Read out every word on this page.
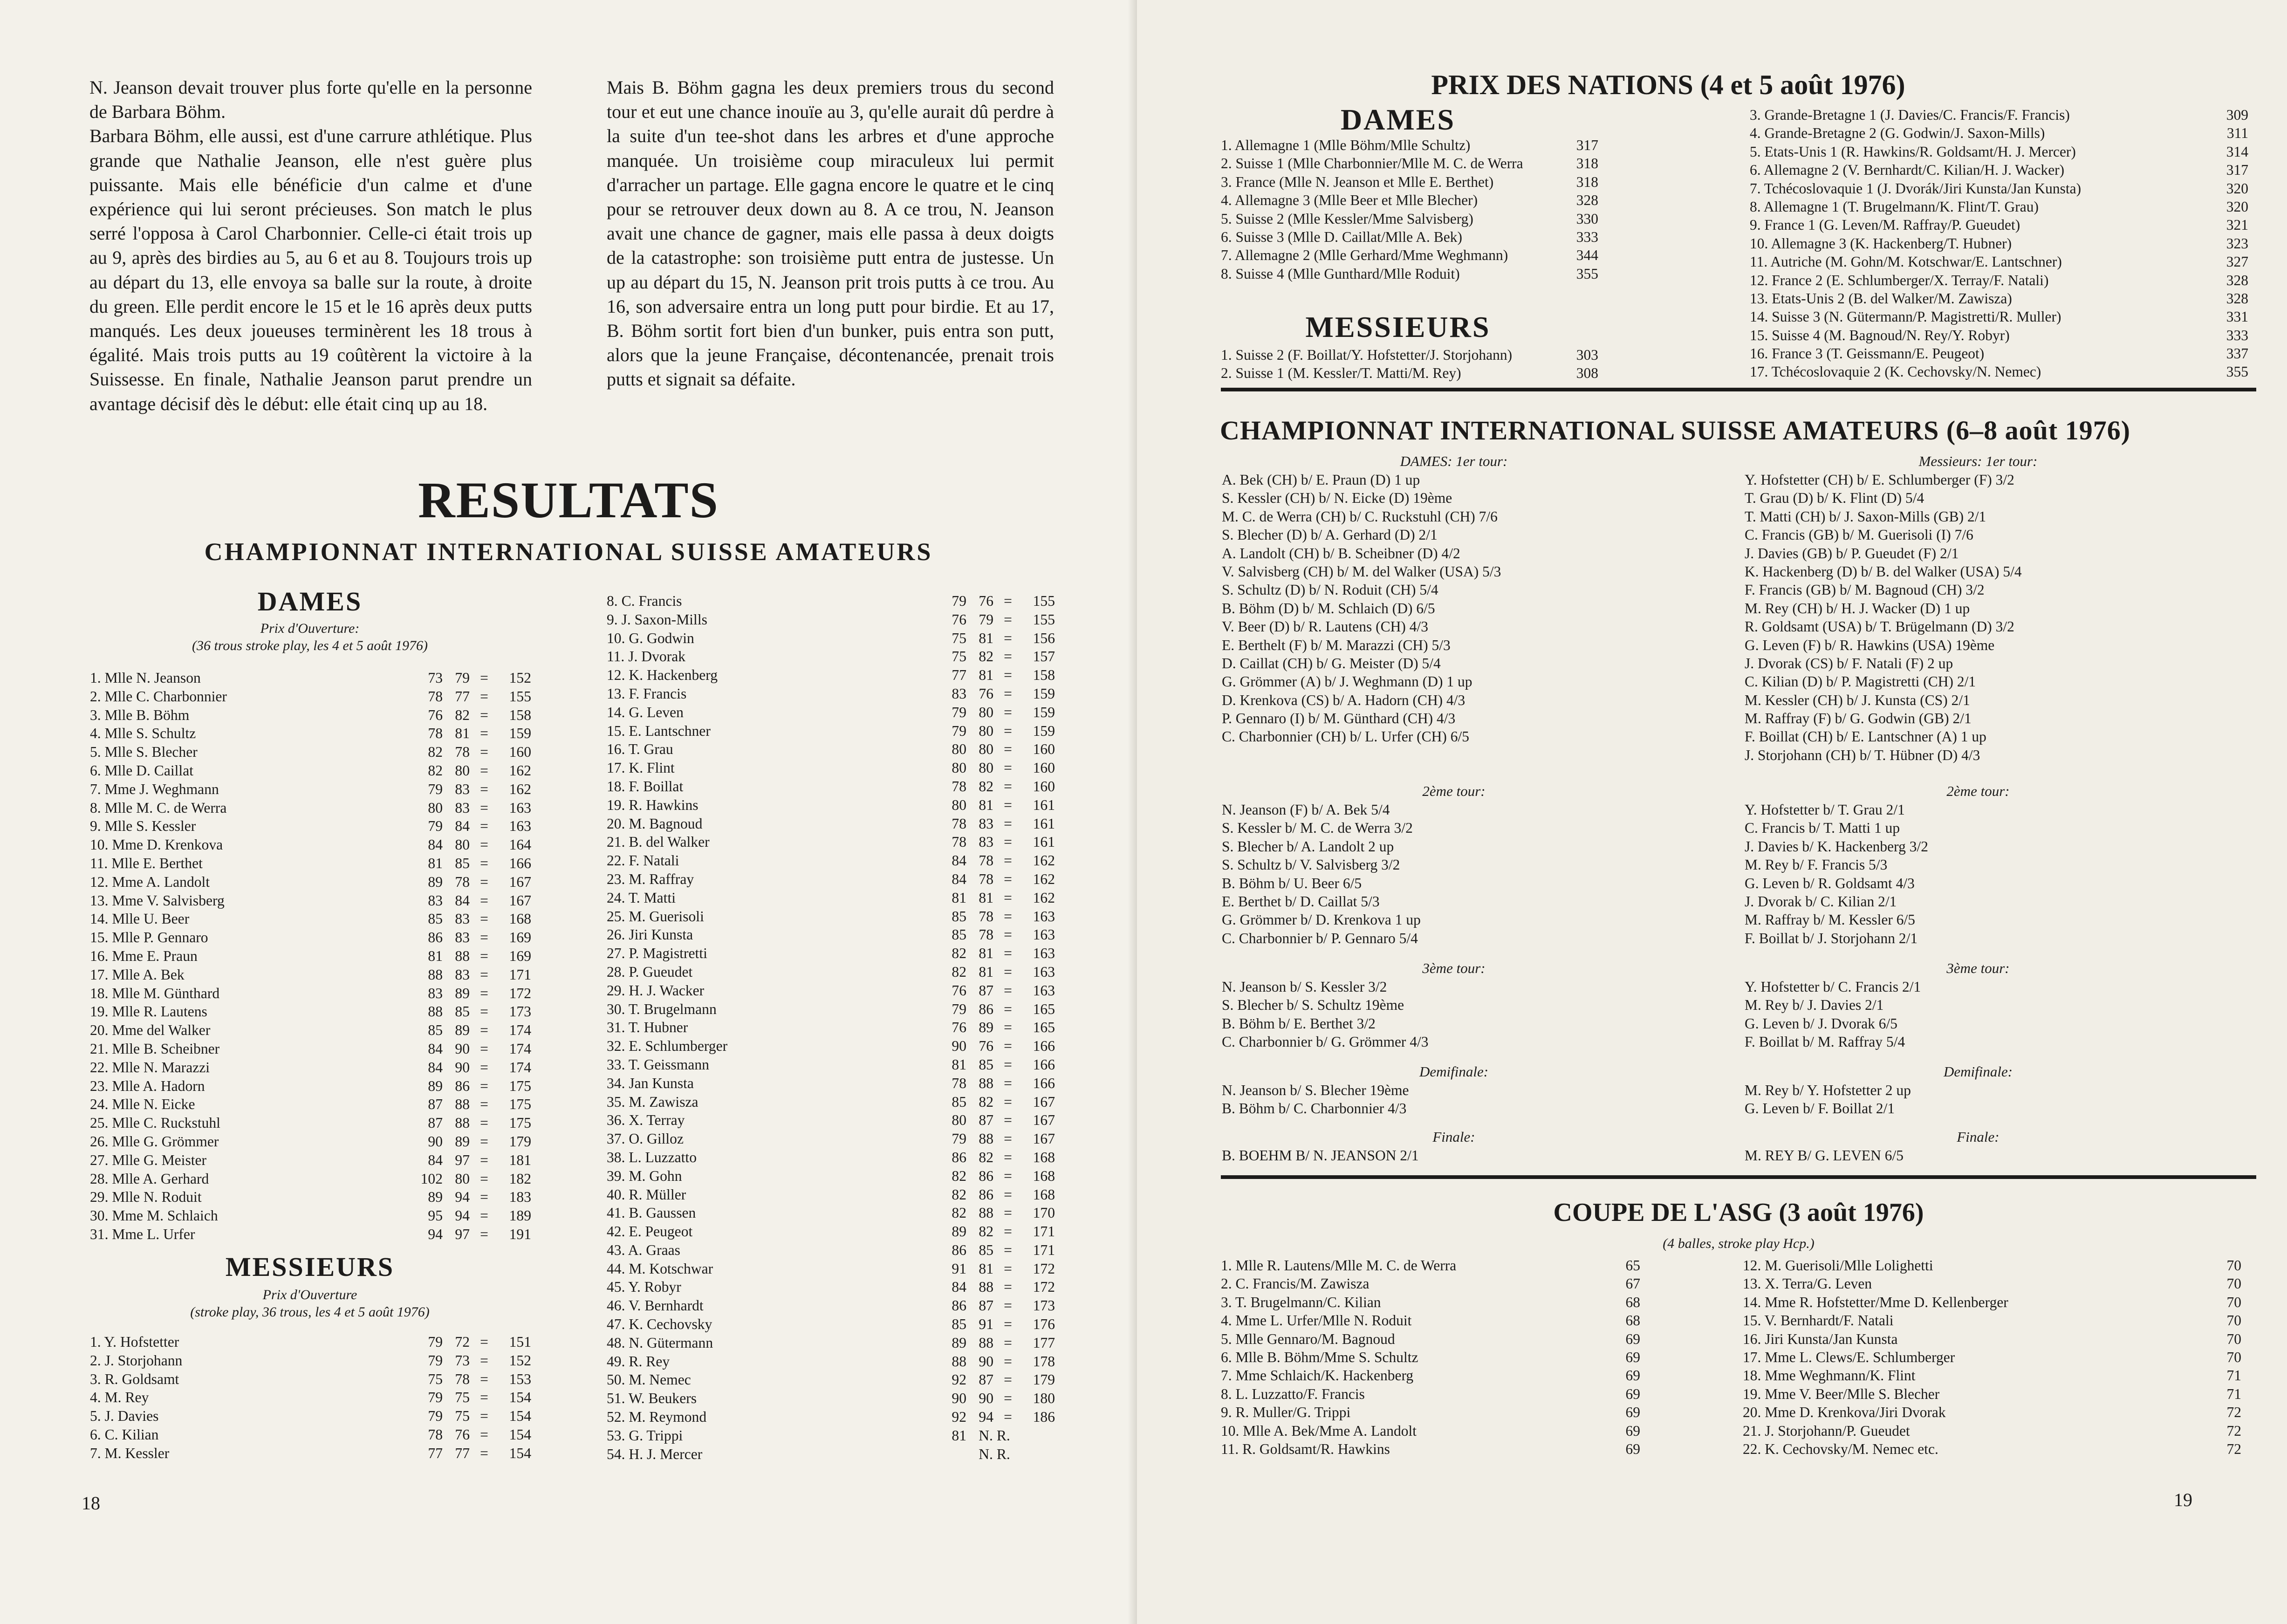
N. Jeanson devait trouver plus forte qu'elle en la personne de Barbara Böhm.
Barbara Böhm, elle aussi, est d'une carrure athlétique. Plus grande que Nathalie Jeanson, elle n'est guère plus puissante. Mais elle bénéficie d'un calme et d'une expérience qui lui seront précieuses. Son match le plus serré l'opposa à Carol Charbonnier. Celle-ci était trois up au 9, après des birdies au 5, au 6 et au 8. Toujours trois up au départ du 13, elle envoya sa balle sur la route, à droite du green. Elle perdit encore le 15 et le 16 après deux putts manqués. Les deux joueuses terminèrent les 18 trous à égalité. Mais trois putts au 19 coûtèrent la victoire à la Suissesse. En finale, Nathalie Jeanson parut prendre un avantage décisif dès le début: elle était cinq up au 18.
Mais B. Böhm gagna les deux premiers trous du second tour et eut une chance inouïe au 3, qu'elle aurait dû perdre à la suite d'un tee-shot dans les arbres et d'une approche manquée. Un troisième coup miraculeux lui permit d'arracher un partage. Elle gagna encore le quatre et le cinq pour se retrouver deux down au 8. A ce trou, N. Jeanson avait une chance de gagner, mais elle passa à deux doigts de la catastrophe: son troisième putt entra de justesse. Un up au départ du 15, N. Jeanson prit trois putts à ce trou. Au 16, son adversaire entra un long putt pour birdie. Et au 17, B. Böhm sortit fort bien d'un bunker, puis entra son putt, alors que la jeune Française, décontenancée, prenait trois putts et signait sa défaite.
RESULTATS
CHAMPIONNAT INTERNATIONAL SUISSE AMATEURS
DAMES
Prix d'Ouverture:
(36 trous stroke play, les 4 et 5 août 1976)
1. Mlle N. Jeanson	73 79 =	152
2. Mlle C. Charbonnier	78 77 =	155
3. Mlle B. Böhm	76 82 =	158
4. Mlle S. Schultz	78 81 =	159
5. Mlle S. Blecher	82 78 =	160
6. Mlle D. Caillat	82 80 =	162
7. Mme J. Weghmann	79 83 =	162
8. Mlle M. C. de Werra	80 83 =	163
9. Mlle S. Kessler	79 84 =	163
10. Mme D. Krenkova	84 80 =	164
11. Mlle E. Berthet	81 85 =	166
12. Mme A. Landolt	89 78 =	167
13. Mme V. Salvisberg	83 84 =	167
14. Mlle U. Beer	85 83 =	168
15. Mlle P. Gennaro	86 83 =	169
16. Mme E. Praun	81 88 =	169
17. Mlle A. Bek	88 83 =	171
18. Mlle M. Günthard	83 89 =	172
19. Mlle R. Lautens	88 85 =	173
20. Mme del Walker	85 89 =	174
21. Mlle B. Scheibner	84 90 =	174
22. Mlle N. Marazzi	84 90 =	174
23. Mlle A. Hadorn	89 86 =	175
24. Mlle N. Eicke	87 88 =	175
25. Mlle C. Ruckstuhl	87 88 =	175
26. Mlle G. Grömmer	90 89 =	179
27. Mlle G. Meister	84 97 =	181
28. Mlle A. Gerhard	102 80 =	182
29. Mlle N. Roduit	89 94 =	183
30. Mme M. Schlaich	95 94 =	189
31. Mme L. Urfer	94 97 =	191
MESSIEURS
Prix d'Ouverture
(stroke play, 36 trous, les 4 et 5 août 1976)
1. Y. Hofstetter	79 72 =	151
2. J. Storjohann	79 73 =	152
3. R. Goldsamt	75 78 =	153
4. M. Rey	79 75 =	154
5. J. Davies	79 75 =	154
6. C. Kilian	78 76 =	154
7. M. Kessler	77 77 =	154
8. C. Francis	79 76 =	155
9. J. Saxon-Mills	76 79 =	155
10. G. Godwin	75 81 =	156
11. J. Dvorak	75 82 =	157
12. K. Hackenberg	77 81 =	158
13. F. Francis	83 76 =	159
14. G. Leven	79 80 =	159
15. E. Lantschner	79 80 =	159
16. T. Grau	80 80 =	160
17. K. Flint	80 80 =	160
18. F. Boillat	78 82 =	160
19. R. Hawkins	80 81 =	161
20. M. Bagnoud	78 83 =	161
21. B. del Walker	78 83 =	161
22. F. Natali	84 78 =	162
23. M. Raffray	84 78 =	162
24. T. Matti	81 81 =	162
25. M. Guerisoli	85 78 =	163
26. Jiri Kunsta	85 78 =	163
27. P. Magistretti	82 81 =	163
28. P. Gueudet	82 81 =	163
29. H. J. Wacker	76 87 =	163
30. T. Brugelmann	79 86 =	165
31. T. Hubner	76 89 =	165
32. E. Schlumberger	90 76 =	166
33. T. Geissmann	81 85 =	166
34. Jan Kunsta	78 88 =	166
35. M. Zawisza	85 82 =	167
36. X. Terray	80 87 =	167
37. O. Gilloz	79 88 =	167
38. L. Luzzatto	86 82 =	168
39. M. Gohn	82 86 =	168
40. R. Müller	82 86 =	168
41. B. Gaussen	82 88 =	170
42. E. Peugeot	89 82 =	171
43. A. Graas	86 85 =	171
44. M. Kotschwar	91 81 =	172
45. Y. Robyr	84 88 =	172
46. V. Bernhardt	86 87 =	173
47. K. Cechovsky	85 91 =	176
48. N. Gütermann	89 88 =	177
49. R. Rey	88 90 =	178
50. M. Nemec	92 87 =	179
51. W. Beukers	90 90 =	180
52. M. Reymond	92 94 =	186
53. G. Trippi	81 N. R.
54. H. J. Mercer	N. R.
18

PRIX DES NATIONS (4 et 5 août 1976)
DAMES
1. Allemagne 1 (Mlle Böhm/Mlle Schultz)	317
2. Suisse 1 (Mlle Charbonnier/Mlle M. C. de Werra	318
3. France (Mlle N. Jeanson et Mlle E. Berthet)	318
4. Allemagne 3 (Mlle Beer et Mlle Blecher)	328
5. Suisse 2 (Mlle Kessler/Mme Salvisberg)	330
6. Suisse 3 (Mlle D. Caillat/Mlle A. Bek)	333
7. Allemagne 2 (Mlle Gerhard/Mme Weghmann)	344
8. Suisse 4 (Mlle Gunthard/Mlle Roduit)	355
MESSIEURS
1. Suisse 2 (F. Boillat/Y. Hofstetter/J. Storjohann)	303
2. Suisse 1 (M. Kessler/T. Matti/M. Rey)	308
3. Grande-Bretagne 1 (J. Davies/C. Francis/F. Francis)	309
4. Grande-Bretagne 2 (G. Godwin/J. Saxon-Mills)	311
5. Etats-Unis 1 (R. Hawkins/R. Goldsamt/H. J. Mercer)	314
6. Allemagne 2 (V. Bernhardt/C. Kilian/H. J. Wacker)	317
7. Tchécoslovaquie 1 (J. Dvorák/Jiri Kunsta/Jan Kunsta)	320
8. Allemagne 1 (T. Brugelmann/K. Flint/T. Grau)	320
9. France 1 (G. Leven/M. Raffray/P. Gueudet)	321
10. Allemagne 3 (K. Hackenberg/T. Hubner)	323
11. Autriche (M. Gohn/M. Kotschwar/E. Lantschner)	327
12. France 2 (E. Schlumberger/X. Terray/F. Natali)	328
13. Etats-Unis 2 (B. del Walker/M. Zawisza)	328
14. Suisse 3 (N. Gütermann/P. Magistretti/R. Muller)	331
15. Suisse 4 (M. Bagnoud/N. Rey/Y. Robyr)	333
16. France 3 (T. Geissmann/E. Peugeot)	337
17. Tchécoslovaquie 2 (K. Cechovsky/N. Nemec)	355
CHAMPIONNAT INTERNATIONAL SUISSE AMATEURS (6–8 août 1976)
DAMES: 1er tour:
A. Bek (CH) b/ E. Praun (D) 1 up
S. Kessler (CH) b/ N. Eicke (D) 19ème
M. C. de Werra (CH) b/ C. Ruckstuhl (CH) 7/6
S. Blecher (D) b/ A. Gerhard (D) 2/1
A. Landolt (CH) b/ B. Scheibner (D) 4/2
V. Salvisberg (CH) b/ M. del Walker (USA) 5/3
S. Schultz (D) b/ N. Roduit (CH) 5/4
B. Böhm (D) b/ M. Schlaich (D) 6/5
V. Beer (D) b/ R. Lautens (CH) 4/3
E. Berthelt (F) b/ M. Marazzi (CH) 5/3
D. Caillat (CH) b/ G. Meister (D) 5/4
G. Grömmer (A) b/ J. Weghmann (D) 1 up
D. Krenkova (CS) b/ A. Hadorn (CH) 4/3
P. Gennaro (I) b/ M. Günthard (CH) 4/3
C. Charbonnier (CH) b/ L. Urfer (CH) 6/5
Messieurs: 1er tour:
Y. Hofstetter (CH) b/ E. Schlumberger (F) 3/2
T. Grau (D) b/ K. Flint (D) 5/4
T. Matti (CH) b/ J. Saxon-Mills (GB) 2/1
C. Francis (GB) b/ M. Guerisoli (I) 7/6
J. Davies (GB) b/ P. Gueudet (F) 2/1
K. Hackenberg (D) b/ B. del Walker (USA) 5/4
F. Francis (GB) b/ M. Bagnoud (CH) 3/2
M. Rey (CH) b/ H. J. Wacker (D) 1 up
R. Goldsamt (USA) b/ T. Brügelmann (D) 3/2
G. Leven (F) b/ R. Hawkins (USA) 19ème
J. Dvorak (CS) b/ F. Natali (F) 2 up
C. Kilian (D) b/ P. Magistretti (CH) 2/1
M. Kessler (CH) b/ J. Kunsta (CS) 2/1
M. Raffray (F) b/ G. Godwin (GB) 2/1
F. Boillat (CH) b/ E. Lantschner (A) 1 up
J. Storjohann (CH) b/ T. Hübner (D) 4/3
2ème tour:
N. Jeanson (F) b/ A. Bek 5/4
S. Kessler b/ M. C. de Werra 3/2
S. Blecher b/ A. Landolt 2 up
S. Schultz b/ V. Salvisberg 3/2
B. Böhm b/ U. Beer 6/5
E. Berthet b/ D. Caillat 5/3
G. Grömmer b/ D. Krenkova 1 up
C. Charbonnier b/ P. Gennaro 5/4
2ème tour:
Y. Hofstetter b/ T. Grau 2/1
C. Francis b/ T. Matti 1 up
J. Davies b/ K. Hackenberg 3/2
M. Rey b/ F. Francis 5/3
G. Leven b/ R. Goldsamt 4/3
J. Dvorak b/ C. Kilian 2/1
M. Raffray b/ M. Kessler 6/5
F. Boillat b/ J. Storjohann 2/1
3ème tour:
N. Jeanson b/ S. Kessler 3/2
S. Blecher b/ S. Schultz 19ème
B. Böhm b/ E. Berthet 3/2
C. Charbonnier b/ G. Grömmer 4/3
3ème tour:
Y. Hofstetter b/ C. Francis 2/1
M. Rey b/ J. Davies 2/1
G. Leven b/ J. Dvorak 6/5
F. Boillat b/ M. Raffray 5/4
Demifinale:
N. Jeanson b/ S. Blecher 19ème
B. Böhm b/ C. Charbonnier 4/3
Demifinale:
M. Rey b/ Y. Hofstetter 2 up
G. Leven b/ F. Boillat 2/1
Finale:
B. BOEHM B/ N. JEANSON 2/1
Finale:
M. REY B/ G. LEVEN 6/5
COUPE DE L'ASG (3 août 1976)
(4 balles, stroke play Hcp.)
1. Mlle R. Lautens/Mlle M. C. de Werra	65
2. C. Francis/M. Zawisza	67
3. T. Brugelmann/C. Kilian	68
4. Mme L. Urfer/Mlle N. Roduit	68
5. Mlle Gennaro/M. Bagnoud	69
6. Mlle B. Böhm/Mme S. Schultz	69
7. Mme Schlaich/K. Hackenberg	69
8. L. Luzzatto/F. Francis	69
9. R. Muller/G. Trippi	69
10. Mlle A. Bek/Mme A. Landolt	69
11. R. Goldsamt/R. Hawkins	69
12. M. Guerisoli/Mlle Lolighetti	70
13. X. Terra/G. Leven	70
14. Mme R. Hofstetter/Mme D. Kellenberger	70
15. V. Bernhardt/F. Natali	70
16. Jiri Kunsta/Jan Kunsta	70
17. Mme L. Clews/E. Schlumberger	70
18. Mme Weghmann/K. Flint	71
19. Mme V. Beer/Mlle S. Blecher	71
20. Mme D. Krenkova/Jiri Dvorak	72
21. J. Storjohann/P. Gueudet	72
22. K. Cechovsky/M. Nemec etc.	72
19
